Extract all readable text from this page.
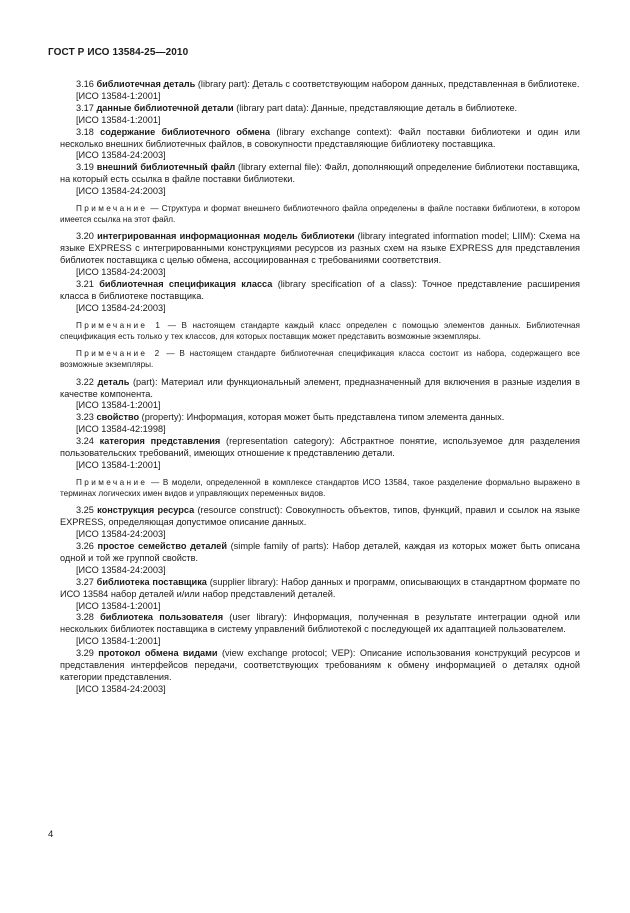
ГОСТ Р ИСО 13584-25—2010

3.16 библиотечная деталь (library part): Деталь с соответствующим набором данных, представленная в библиотеке.

[ИСО 13584-1:2001]

3.17 данные библиотечной детали (library part data): Данные, представляющие деталь в библиотеке.

[ИСО 13584-1:2001]

3.18 содержание библиотечного обмена (library exchange context): Файл поставки библиотеки и один или несколько внешних библиотечных файлов, в совокупности представляющие библиотеку поставщика.

[ИСО 13584-24:2003]

3.19 внешний библиотечный файл (library external file): Файл, дополняющий определение библиотеки поставщика, на который есть ссылка в файле поставки библиотеки.

[ИСО 13584-24:2003]

Примечание — Структура и формат внешнего библиотечного файла определены в файле поставки библиотеки, в котором имеется ссылка на этот файл.

3.20 интегрированная информационная модель библиотеки (library integrated information model; LIIM): Схема на языке EXPRESS с интегрированными конструкциями ресурсов из разных схем на языке EXPRESS для представления библиотек поставщика с целью обмена, ассоциированная с требованиями соответствия.

[ИСО 13584-24:2003]

3.21 библиотечная спецификация класса (library specification of a class): Точное представление расширения класса в библиотеке поставщика.

[ИСО 13584-24:2003]

Примечание 1 — В настоящем стандарте каждый класс определен с помощью элементов данных. Библиотечная спецификация есть только у тех классов, для которых поставщик может представить возможные экземпляры.

Примечание 2 — В настоящем стандарте библиотечная спецификация класса состоит из набора, содержащего все возможные экземпляры.

3.22 деталь (part): Материал или функциональный элемент, предназначенный для включения в разные изделия в качестве компонента.

[ИСО 13584-1:2001]

3.23 свойство (property): Информация, которая может быть представлена типом элемента данных.

[ИСО 13584-42:1998]

3.24 категория представления (representation category): Абстрактное понятие, используемое для разделения пользовательских требований, имеющих отношение к представлению детали.

[ИСО 13584-1:2001]

Примечание — В модели, определенной в комплексе стандартов ИСО 13584, такое разделение формально выражено в терминах логических имен видов и управляющих переменных видов.

3.25 конструкция ресурса (resource construct): Совокупность объектов, типов, функций, правил и ссылок на языке EXPRESS, определяющая допустимое описание данных.

[ИСО 13584-24:2003]

3.26 простое семейство деталей (simple family of parts): Набор деталей, каждая из которых может быть описана одной и той же группой свойств.

[ИСО 13584-24:2003]

3.27 библиотека поставщика (supplier library): Набор данных и программ, описывающих в стандартном формате по ИСО 13584 набор деталей и/или набор представлений деталей.

[ИСО 13584-1:2001]

3.28 библиотека пользователя (user library): Информация, полученная в результате интеграции одной или нескольких библиотек поставщика в систему управлений библиотекой с последующей их адаптацией пользователем.

[ИСО 13584-1:2001]

3.29 протокол обмена видами (view exchange protocol; VEP): Описание использования конструкций ресурсов и представления интерфейсов передачи, соответствующих требованиям к обмену информацией о деталях одной категории представления.

[ИСО 13584-24:2003]

4
